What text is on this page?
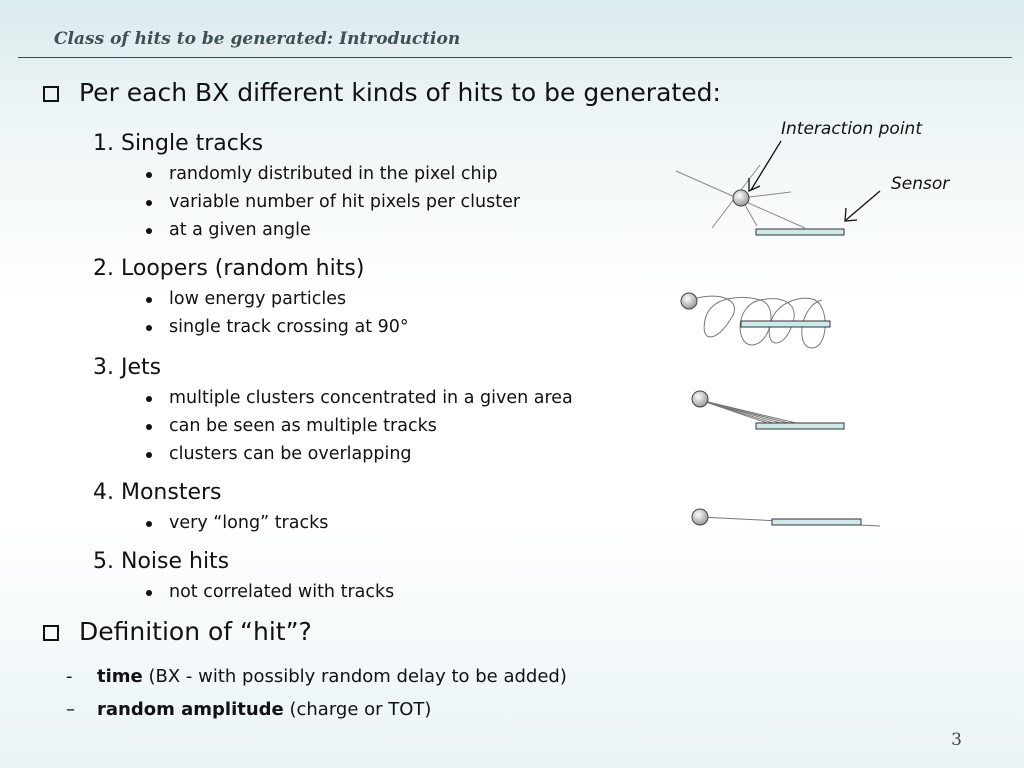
Class of hits to be generated: Introduction
Per each BX different kinds of hits to be generated:
1. Single tracks
randomly distributed in the pixel chip
variable number of hit pixels per cluster
at a given angle
2. Loopers (random hits)
low energy particles
single track crossing at 90°
3. Jets
multiple clusters concentrated in a given area
can be seen as multiple tracks
clusters can be overlapping
4. Monsters
very “long” tracks
5. Noise hits
not correlated with tracks
Definition of “hit”?
- time (BX - with possibly random delay to be added)
– random amplitude (charge or TOT)
Interaction point
Sensor
3
